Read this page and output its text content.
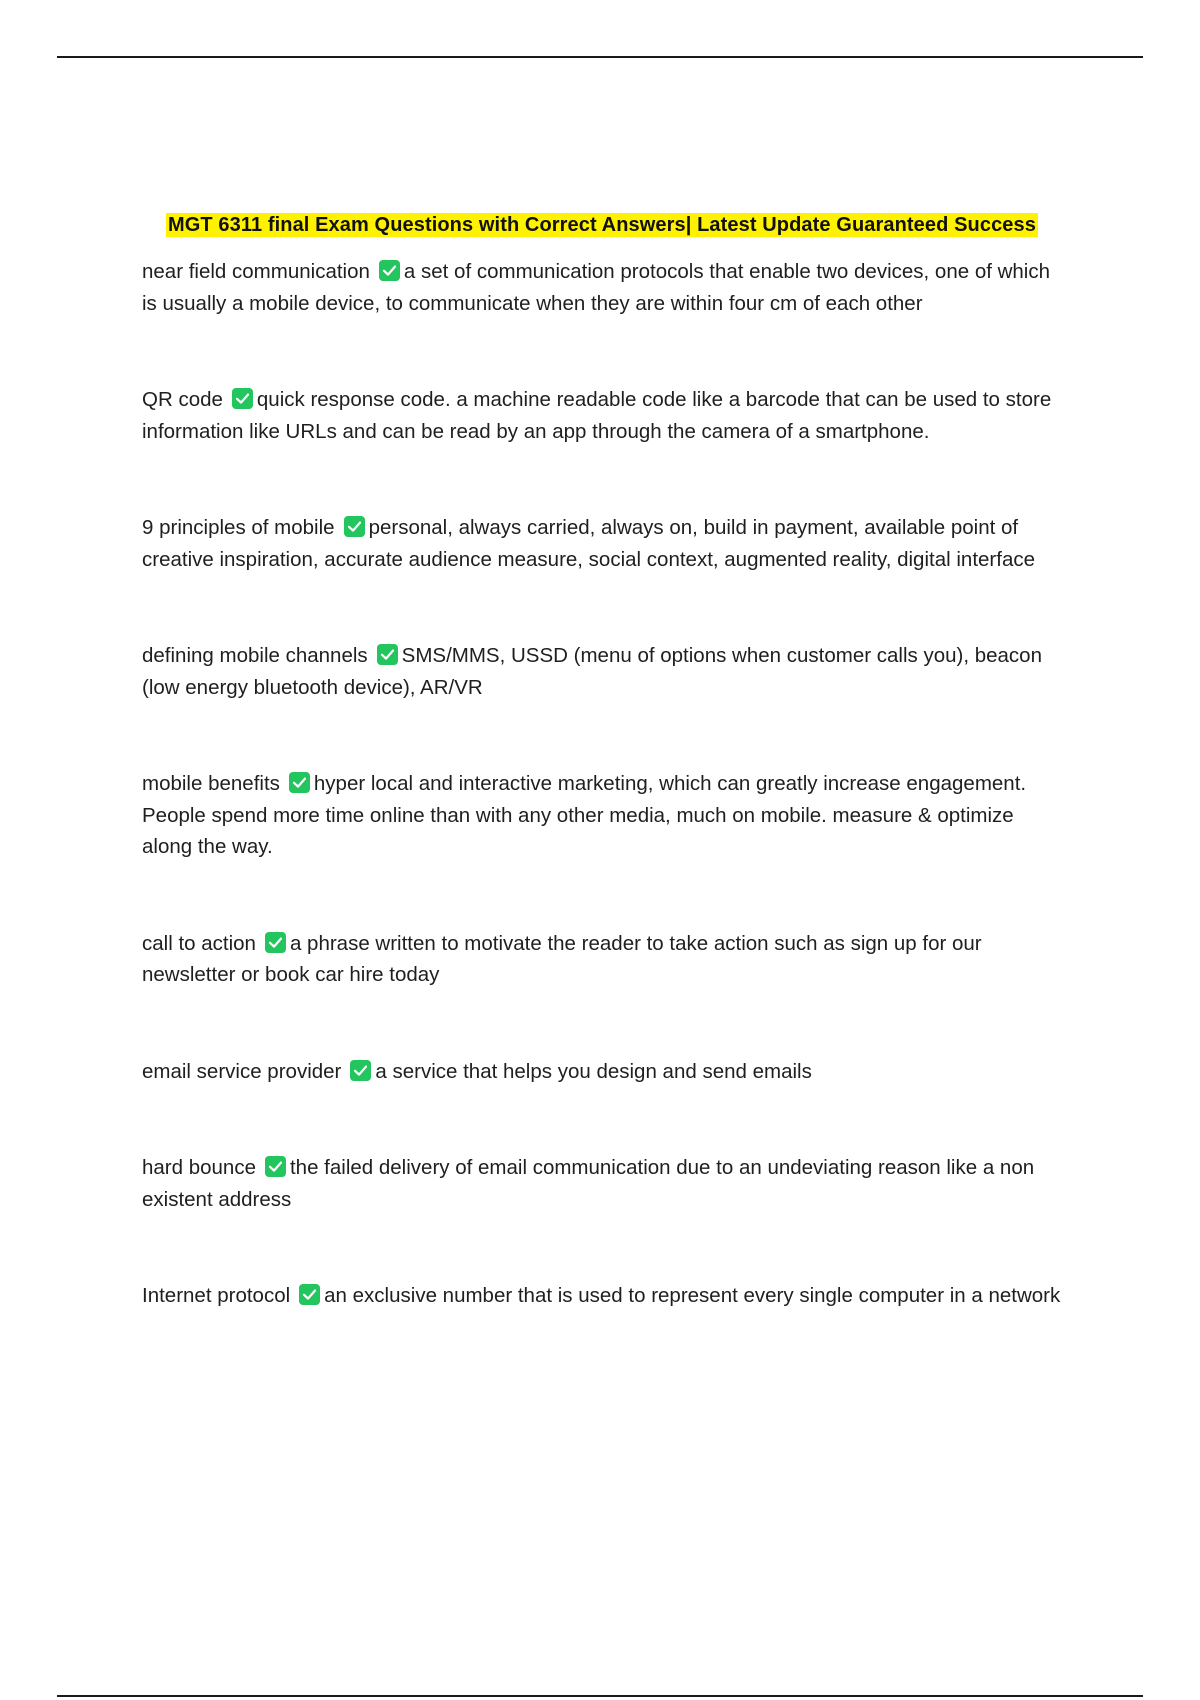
MGT 6311 final Exam Questions with Correct Answers| Latest Update Guaranteed Success

near field communication a set of communication protocols that enable two devices, one of which is usually a mobile device, to communicate when they are within four cm of each other

QR code quick response code. a machine readable code like a barcode that can be used to store information like URLs and can be read by an app through the camera of a smartphone.

9 principles of mobile personal, always carried, always on, build in payment, available point of creative inspiration, accurate audience measure, social context, augmented reality, digital interface

defining mobile channels SMS/MMS, USSD (menu of options when customer calls you), beacon (low energy bluetooth device), AR/VR

mobile benefits hyper local and interactive marketing, which can greatly increase engagement. People spend more time online than with any other media, much on mobile. measure & optimize along the way.

call to action a phrase written to motivate the reader to take action such as sign up for our newsletter or book car hire today

email service provider a service that helps you design and send emails

hard bounce the failed delivery of email communication due to an undeviating reason like a non existent address

Internet protocol an exclusive number that is used to represent every single computer in a network
